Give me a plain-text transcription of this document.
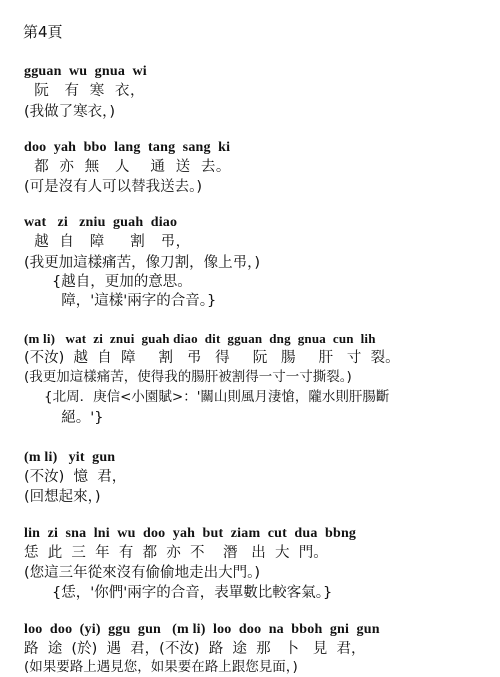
第4頁
gguan  wu  gnua  wi
阮   有  寒  衣，
(我做了寒衣，)
doo  yah  bbo  lang  tang  sang  ki
都  亦  無   人    通  送  去。
(可是沒有人可以替我送去。)
wat   zi   zniu  guah  diao
越  自   障     割   弔，
(我更加這樣痛苦，像刀割，像上弔，)
{越自，更加的意思。
障，'這樣'兩字的合音。}
(m li)   wat  zi  znui  guah diao  dit  gguan  dng  gnua  cun  lih
(不汝)  越  自  障     割   弔   得     阮   腸     肝   寸  裂。
(我更加這樣痛苦，使得我的腸肝被割得一寸一寸撕裂。)
{北周．庚信<小園賦>：'關山則風月淒愴，隴水則肝腸斷
絕。'}
(m li)   yit  gun
(不汝)  憶  君，
(回想起來，)
lin  zi  sna  lni  wu  doo  yah  but  ziam  cut  dua  bbng
恁  此  三  年  有  都  亦  不    潛   出  大  門。
(您這三年從來沒有偷偷地走出大門。)
{恁，'你們'兩字的合音，表單數比較客氣。}
loo  doo  (yi)  ggu  gun   (m li)  loo  doo  na  bboh  gni  gun
路  途  (於)  遇  君，(不汝)  路  途  那   卜   見  君，
(如果要路上遇見您，如果要在路上跟您見面，)
